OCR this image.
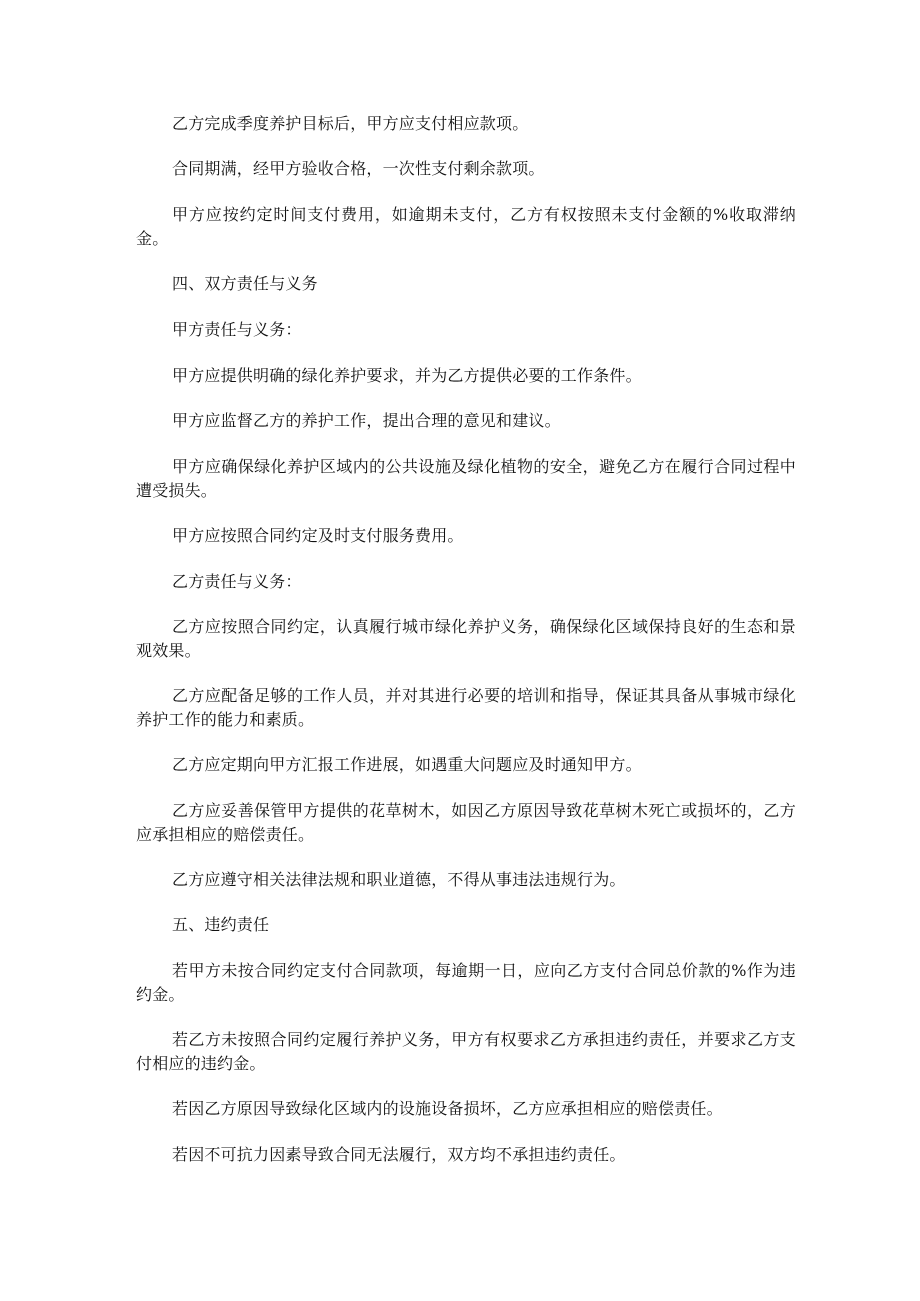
乙方完成季度养护目标后，甲方应支付相应款项。

合同期满，经甲方验收合格，一次性支付剩余款项。

甲方应按约定时间支付费用，如逾期未支付，乙方有权按照未支付金额的%收取滞纳金。

四、双方责任与义务

甲方责任与义务：

甲方应提供明确的绿化养护要求，并为乙方提供必要的工作条件。

甲方应监督乙方的养护工作，提出合理的意见和建议。

甲方应确保绿化养护区域内的公共设施及绿化植物的安全，避免乙方在履行合同过程中遭受损失。

甲方应按照合同约定及时支付服务费用。

乙方责任与义务：

乙方应按照合同约定，认真履行城市绿化养护义务，确保绿化区域保持良好的生态和景观效果。

乙方应配备足够的工作人员，并对其进行必要的培训和指导，保证其具备从事城市绿化养护工作的能力和素质。

乙方应定期向甲方汇报工作进展，如遇重大问题应及时通知甲方。

乙方应妥善保管甲方提供的花草树木，如因乙方原因导致花草树木死亡或损坏的，乙方应承担相应的赔偿责任。

乙方应遵守相关法律法规和职业道德，不得从事违法违规行为。

五、违约责任

若甲方未按合同约定支付合同款项，每逾期一日，应向乙方支付合同总价款的%作为违约金。

若乙方未按照合同约定履行养护义务，甲方有权要求乙方承担违约责任，并要求乙方支付相应的违约金。

若因乙方原因导致绿化区域内的设施设备损坏，乙方应承担相应的赔偿责任。

若因不可抗力因素导致合同无法履行，双方均不承担违约责任。
